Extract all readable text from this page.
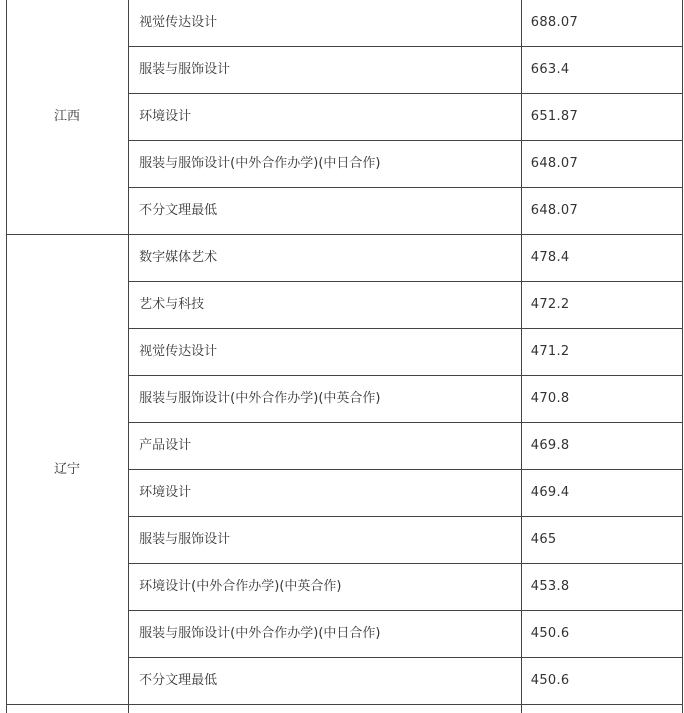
江西	视觉传达设计	688.07
	服装与服饰设计	663.4
	环境设计	651.87
	服装与服饰设计(中外合作办学)(中日合作)	648.07
	不分文理最低	648.07
辽宁	数字媒体艺术	478.4
	艺术与科技	472.2
	视觉传达设计	471.2
	服装与服饰设计(中外合作办学)(中英合作)	470.8
	产品设计	469.8
	环境设计	469.4
	服装与服饰设计	465
	环境设计(中外合作办学)(中英合作)	453.8
	服装与服饰设计(中外合作办学)(中日合作)	450.6
	不分文理最低	450.6
